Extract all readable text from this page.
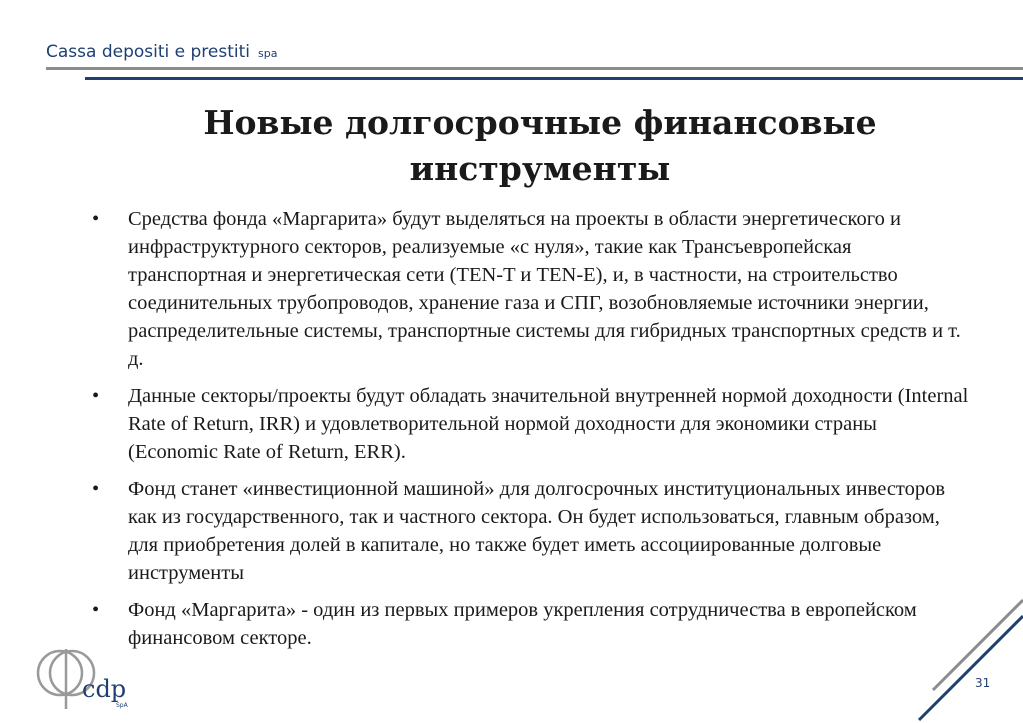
Cassa depositi e prestiti spa
Новые долгосрочные финансовые инструменты
• Средства фонда «Маргарита» будут выделяться на проекты в области энергетического и инфраструктурного секторов, реализуемые «с нуля», такие как Трансъевропейская транспортная и энергетическая сети (TEN-T и TEN-E), и, в частности, на строительство соединительных трубопроводов, хранение газа и СПГ, возобновляемые источники энергии, распределительные системы, транспортные системы для гибридных транспортных средств и т. д.
• Данные секторы/проекты будут обладать значительной внутренней нормой доходности (Internal Rate of Return, IRR) и удовлетворительной нормой доходности для экономики страны (Economic Rate of Return, ERR).
• Фонд станет «инвестиционной машиной» для долгосрочных институциональных инвесторов как из государственного, так и частного сектора. Он будет использоваться, главным образом, для приобретения долей в капитале, но также будет иметь ассоциированные долговые инструменты
• Фонд «Маргарита» - один из первых примеров укрепления сотрудничества в европейском финансовом секторе.
cdp
SpA
31
